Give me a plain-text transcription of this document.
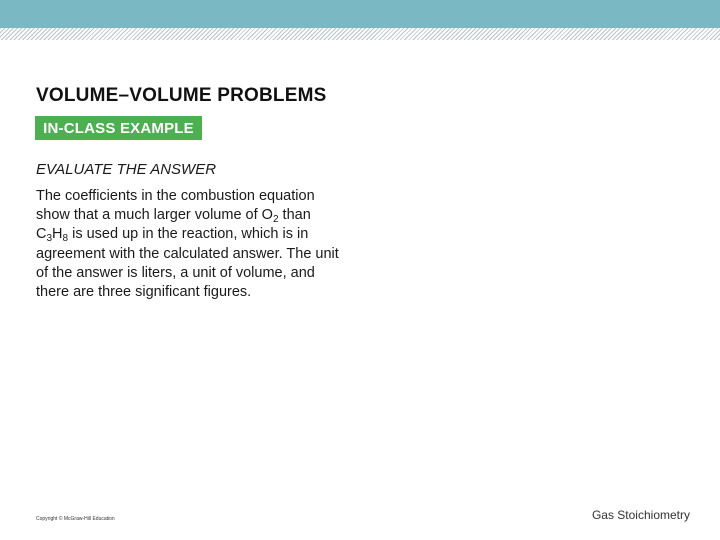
VOLUME–VOLUME PROBLEMS
IN-CLASS EXAMPLE
EVALUATE THE ANSWER
The coefficients in the combustion equation show that a much larger volume of $O_2$ than $C_3H_8$ is used up in the reaction, which is in agreement with the calculated answer. The unit of the answer is liters, a unit of volume, and there are three significant figures.
Copyright © McGraw-Hill Education	Gas Stoichiometry
